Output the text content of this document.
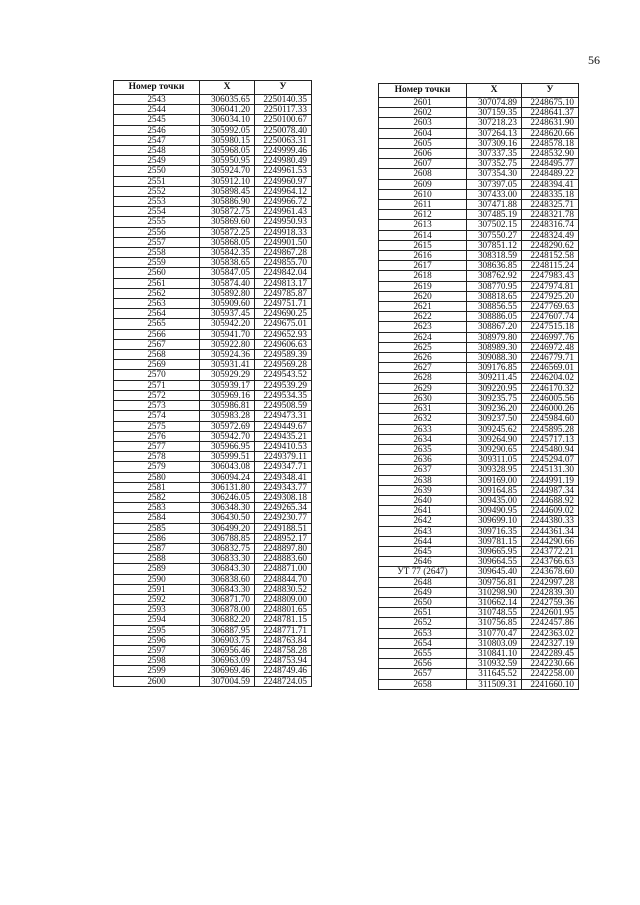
56
Номер точки	X	У
2543	306035.65	2250140.35
2544	306041.20	2250117.33
2545	306034.10	2250100.67
2546	305992.05	2250078.40
2547	305980.15	2250063.31
2548	305968.05	2249999.46
2549	305950.95	2249980.49
2550	305924.70	2249961.53
2551	305912.10	2249960.97
2552	305898.45	2249964.12
2553	305886.90	2249966.72
2554	305872.75	2249961.43
2555	305869.60	2249950.93
2556	305872.25	2249918.33
2557	305868.05	2249901.50
2558	305842.35	2249867.28
2559	305838.65	2249855.70
2560	305847.05	2249842.04
2561	305874.40	2249813.17
2562	305892.80	2249785.87
2563	305909.60	2249751.71
2564	305937.45	2249690.25
2565	305942.20	2249675.01
2566	305941.70	2249652.93
2567	305922.80	2249606.63
2568	305924.36	2249589.39
2569	305931.41	2249569.28
2570	305929.29	2249543.52
2571	305939.17	2249539.29
2572	305969.16	2249534.35
2573	305986.81	2249508.59
2574	305983.28	2249473.31
2575	305972.69	2249449.67
2576	305942.70	2249435.21
2577	305966.95	2249410.53
2578	305999.51	2249379.11
2579	306043.08	2249347.71
2580	306094.24	2249348.41
2581	306131.80	2249343.77
2582	306246.05	2249308.18
2583	306348.30	2249265.34
2584	306430.50	2249230.77
2585	306499.20	2249188.51
2586	306788.85	2248952.17
2587	306832.75	2248897.80
2588	306833.30	2248883.60
2589	306843.30	2248871.00
2590	306838.60	2248844.70
2591	306843.30	2248830.52
2592	306871.70	2248809.00
2593	306878.00	2248801.65
2594	306882.20	2248781.15
2595	306887.95	2248771.71
2596	306903.75	2248763.84
2597	306956.46	2248758.28
2598	306963.09	2248753.94
2599	306969.46	2248749.46
2600	307004.59	2248724.05
Номер точки	X	У
2601	307074.89	2248675.10
2602	307159.35	2248641.37
2603	307218.23	2248631.90
2604	307264.13	2248620.66
2605	307309.16	2248578.18
2606	307337.35	2248532.90
2607	307352.75	2248495.77
2608	307354.30	2248489.22
2609	307397.05	2248394.41
2610	307433.00	2248335.18
2611	307471.88	2248325.71
2612	307485.19	2248321.78
2613	307502.15	2248316.74
2614	307550.27	2248324.49
2615	307851.12	2248290.62
2616	308318.59	2248152.58
2617	308636.85	2248115.24
2618	308762.92	2247983.43
2619	308770.95	2247974.81
2620	308818.65	2247925.20
2621	308856.55	2247769.63
2622	308886.05	2247607.74
2623	308867.20	2247515.18
2624	308979.80	2246997.76
2625	308989.30	2246972.48
2626	309088.30	2246779.71
2627	309176.85	2246569.01
2628	309211.45	2246204.02
2629	309220.95	2246170.32
2630	309235.75	2246005.56
2631	309236.20	2246000.26
2632	309237.50	2245984.60
2633	309245.62	2245895.28
2634	309264.90	2245717.13
2635	309290.65	2245480.94
2636	309311.05	2245294.07
2637	309328.95	2245131.30
2638	309169.00	2244991.19
2639	309164.85	2244987.34
2640	309435.00	2244688.92
2641	309490.95	2244609.02
2642	309699.10	2244380.33
2643	309716.35	2244361.34
2644	309781.15	2244290.66
2645	309665.95	2243772.21
2646	309664.55	2243766.63
УТ 77 (2647)	309645.40	2243678.60
2648	309756.81	2242997.28
2649	310298.90	2242839.30
2650	310662.14	2242759.36
2651	310748.55	2242601.95
2652	310756.85	2242457.86
2653	310770.47	2242363.02
2654	310803.09	2242327.19
2655	310841.10	2242289.45
2656	310932.59	2242230.66
2657	311645.52	2242258.00
2658	311509.31	2241660.10
